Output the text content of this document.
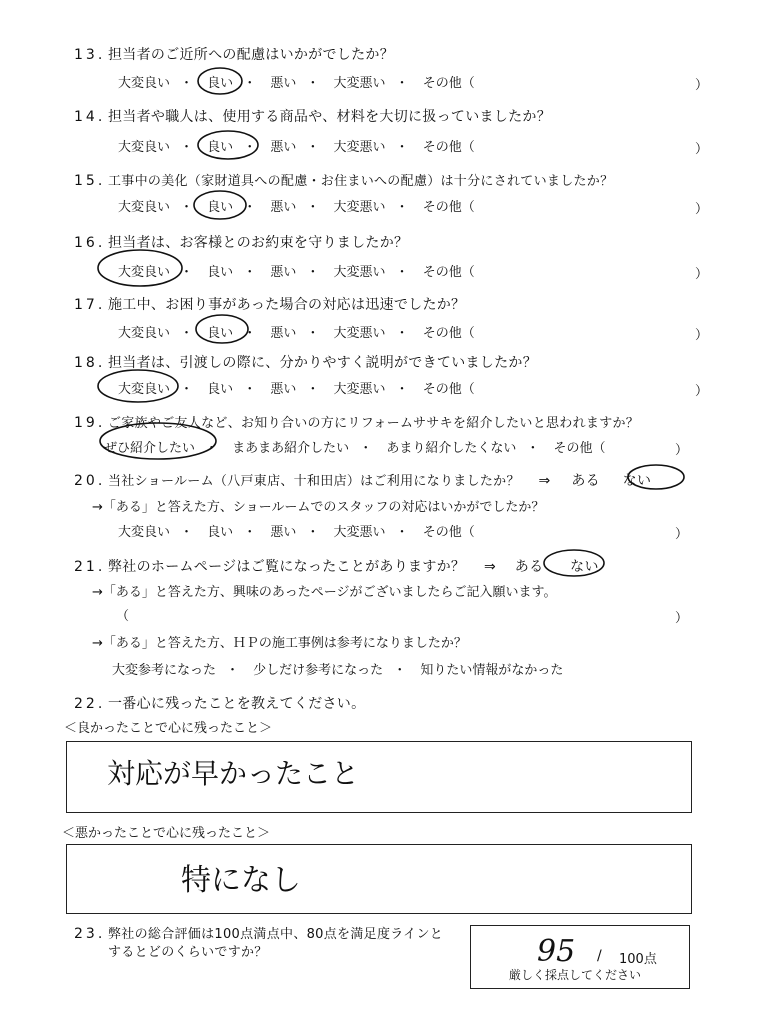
13. 担当者のご近所への配慮はいかがでしたか？
大変良い ・ 良い ・ 悪い ・ 大変悪い ・ その他（	）
14. 担当者や職人は、使用する商品や、材料を大切に扱っていましたか？
大変良い ・ 良い ・ 悪い ・ 大変悪い ・ その他（	）
15. 工事中の美化（家財道具への配慮・お住まいへの配慮）は十分にされていましたか？
大変良い ・ 良い ・ 悪い ・ 大変悪い ・ その他（	）
16. 担当者は、お客様とのお約束を守りましたか？
大変良い ・ 良い ・ 悪い ・ 大変悪い ・ その他（	）
17. 施工中、お困り事があった場合の対応は迅速でしたか？
大変良い ・ 良い ・ 悪い ・ 大変悪い ・ その他（	）
18. 担当者は、引渡しの際に、分かりやすく説明ができていましたか？
大変良い ・ 良い ・ 悪い ・ 大変悪い ・ その他（	）
19. ご家族やご友人など、お知り合いの方にリフォームササキを紹介したいと思われますか？
ぜひ紹介したい ・ まあまあ紹介したい ・ あまり紹介したくない ・ その他（	）
20. 当社ショールーム（八戸東店、十和田店）はご利用になりましたか？ ⇒ ある ない
→「ある」と答えた方、ショールームでのスタッフの対応はいかがでしたか？
大変良い ・ 良い ・ 悪い ・ 大変悪い ・ その他（	）
21. 弊社のホームページはご覧になったことがありますか？ ⇒ ある ない
→「ある」と答えた方、興味のあったページがございましたらご記入願います。
（	）
→「ある」と答えた方、ＨＰの施工事例は参考になりましたか？
大変参考になった ・ 少しだけ参考になった ・ 知りたい情報がなかった
22. 一番心に残ったことを教えてください。
＜良かったことで心に残ったこと＞
対応が早かったこと
＜悪かったことで心に残ったこと＞
特になし
23. 弊社の総合評価は100点満点中、80点を満足度ラインと
するとどのくらいですか？	95 / 100点
厳しく採点してください
